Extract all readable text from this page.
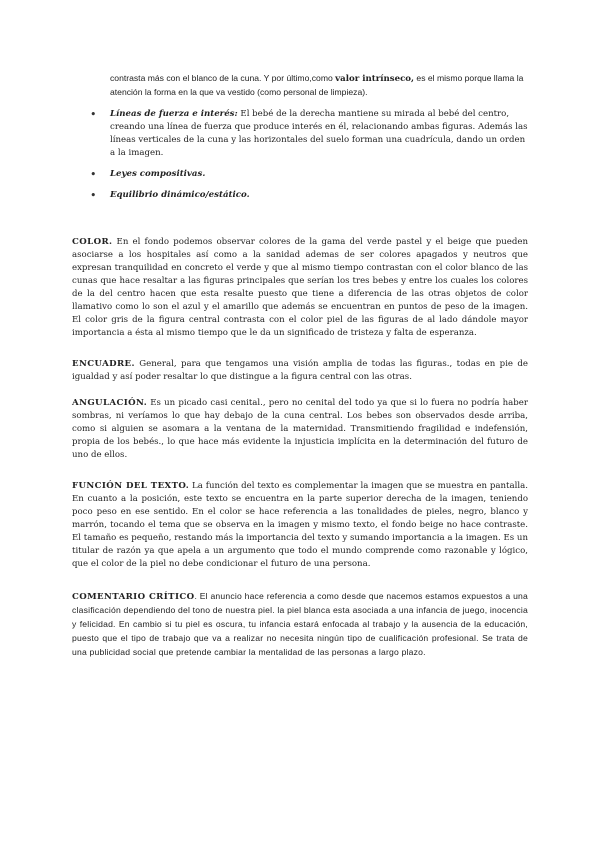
contrasta más con el blanco de la cuna. Y por último,como valor intrínseco, es el mismo porque llama la atención la forma en la que va vestido (como personal de limpieza).
• Líneas de fuerza e interés: El bebé de la derecha mantiene su mirada al bebé del centro, creando una línea de fuerza que produce interés en él, relacionando ambas figuras. Además las líneas verticales de la cuna y las horizontales del suelo forman una cuadrícula, dando un orden a la imagen.
• Leyes compositivas.
• Equilibrio dinámico/estático.
COLOR. En el fondo podemos observar colores de la gama del verde pastel y el beige que pueden asociarse a los hospitales así como a la sanidad ademas de ser colores apagados y neutros que expresan tranquilidad en concreto el verde y que al mismo tiempo contrastan con el color blanco de las cunas que hace resaltar a las figuras principales que serían los tres bebes y entre los cuales los colores de la del centro hacen que esta resalte puesto que tiene a diferencia de las otras objetos de color llamativo como lo son el azul y el amarillo que además se encuentran en puntos de peso de la imagen. El color gris de la figura central contrasta con el color piel de las figuras de al lado dándole mayor importancia a ésta al mismo tiempo que le da un significado de tristeza y falta de esperanza.
ENCUADRE. General, para que tengamos una visión amplia de todas las figuras., todas en pie de igualdad y así poder resaltar lo que distingue a la figura central con las otras.
ANGULACIÓN. Es un picado casi cenital., pero no cenital del todo ya que si lo fuera no podría haber sombras, ni veríamos lo que hay debajo de la cuna central. Los bebes son observados desde arriba, como si alguien se asomara a la ventana de la maternidad. Transmitiendo fragilidad e indefensión, propia de los bebés., lo que hace más evidente la injusticia implícita en la determinación del futuro de uno de ellos.
FUNCIÓN DEL TEXTO. La función del texto es complementar la imagen que se muestra en pantalla. En cuanto a la posición, este texto se encuentra en la parte superior derecha de la imagen, teniendo poco peso en ese sentido. En el color se hace referencia a las tonalidades de pieles, negro, blanco y marrón, tocando el tema que se observa en la imagen y mismo texto, el fondo beige no hace contraste. El tamaño es pequeño, restando más la importancia del texto y sumando importancia a la imagen. Es un titular de razón ya que apela a un argumento que todo el mundo comprende como razonable y lógico, que el color de la piel no debe condicionar el futuro de una persona.
COMENTARIO CRÍTICO. El anuncio hace referencia a como desde que nacemos estamos expuestos a una clasificación dependiendo del tono de nuestra piel. la piel blanca esta asociada a una infancia de juego, inocencia y felicidad. En cambio si tu piel es oscura, tu infancia estará enfocada al trabajo y la ausencia de la educación, puesto que el tipo de trabajo que va a realizar no necesita ningún tipo de cualificación profesional. Se trata de una publicidad social que pretende cambiar la mentalidad de las personas a largo plazo.
